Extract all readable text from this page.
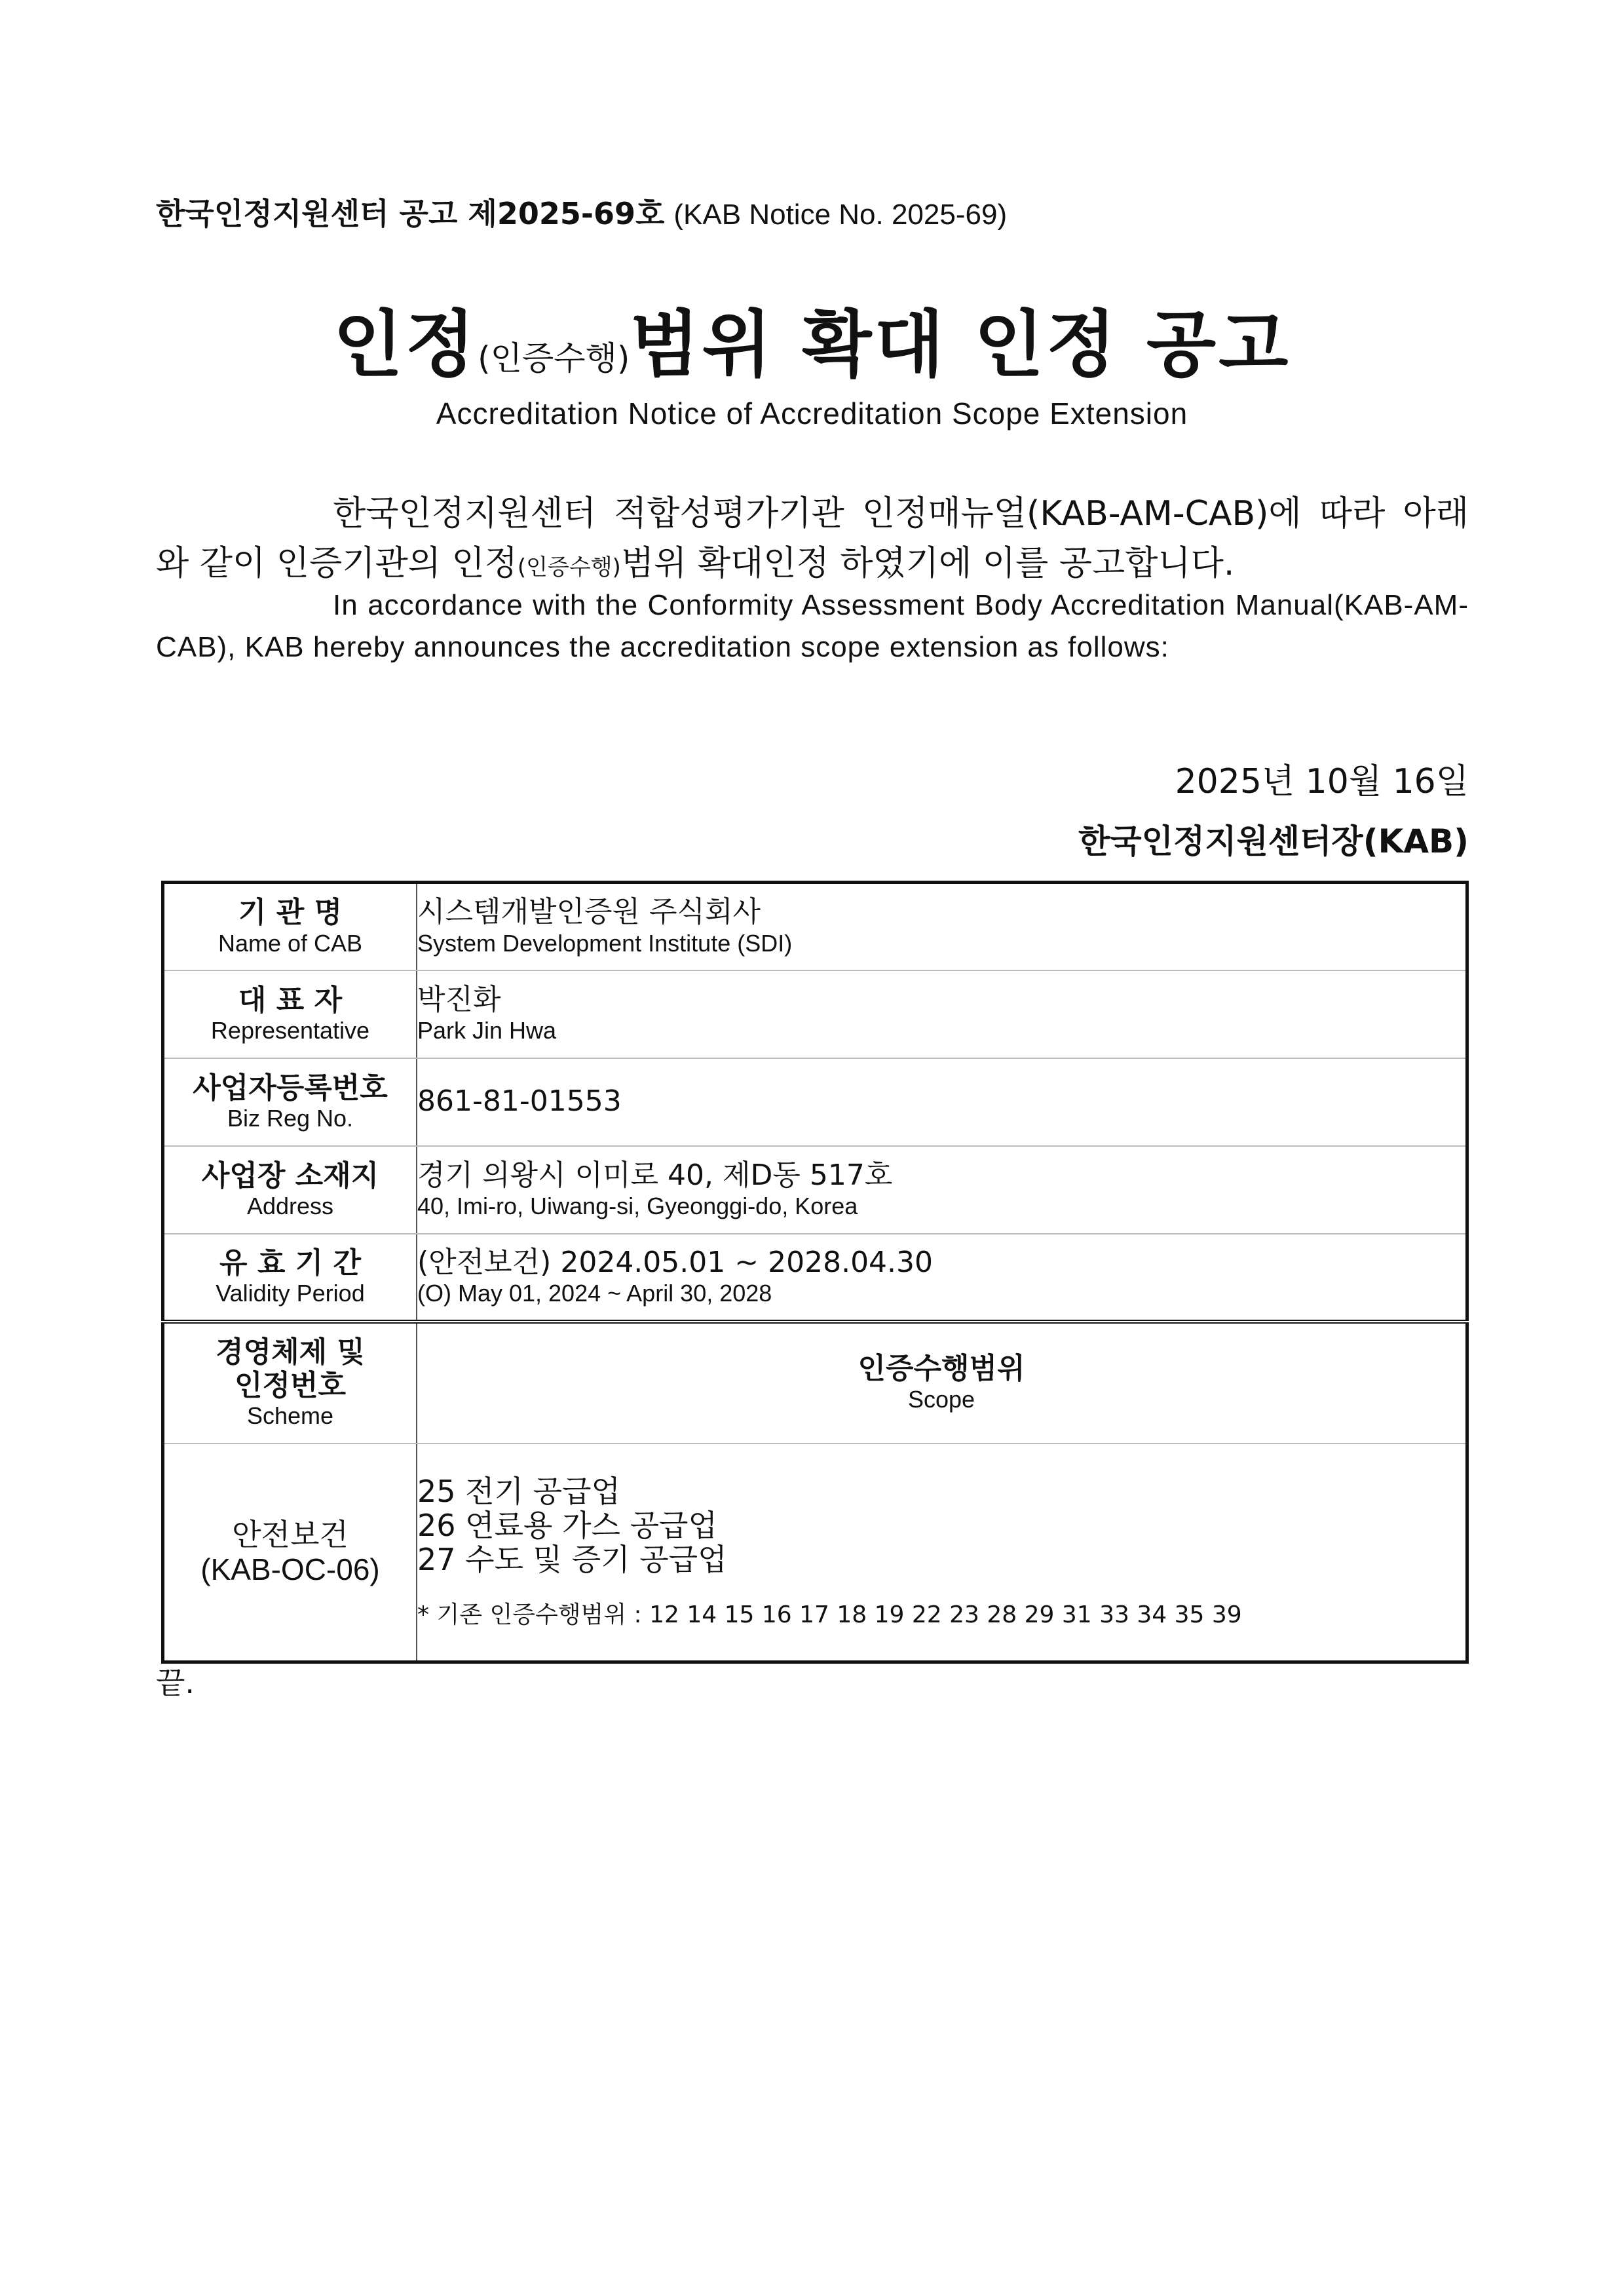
한국인정지원센터 공고 제2025-69호 (KAB Notice No. 2025-69)
인정(인증수행)범위 확대 인정 공고
Accreditation Notice of Accreditation Scope Extension
한국인정지원센터 적합성평가기관 인정매뉴얼(KAB-AM-CAB)에 따라 아래와 같이 인증기관의 인정(인증수행)범위 확대인정 하였기에 이를 공고합니다.
In accordance with the Conformity Assessment Body Accreditation Manual(KAB-AM-CAB), KAB hereby announces the accreditation scope extension as follows:
2025년 10월 16일
한국인정지원센터장(KAB)
기 관 명
Name of CAB	시스템개발인증원 주식회사
System Development Institute (SDI)

대 표 자
Representative	박진화
Park Jin Hwa

사업자등록번호
Biz Reg No.	861-81-01553

사업장 소재지
Address	경기 의왕시 이미로 40, 제D동 517호
40, Imi-ro, Uiwang-si, Gyeonggi-do, Korea

유 효 기 간
Validity Period	(안전보건) 2024.05.01 ~ 2028.04.30
(O) May 01, 2024 ~ April 30, 2028

경영체제 및
인정번호
Scheme	인증수행범위
Scope

안전보건
(KAB-OC-06)	25 전기 공급업
26 연료용 가스 공급업
27 수도 및 증기 공급업
* 기존 인증수행범위 : 12 14 15 16 17 18 19 22 23 28 29 31 33 34 35 39
끝.
